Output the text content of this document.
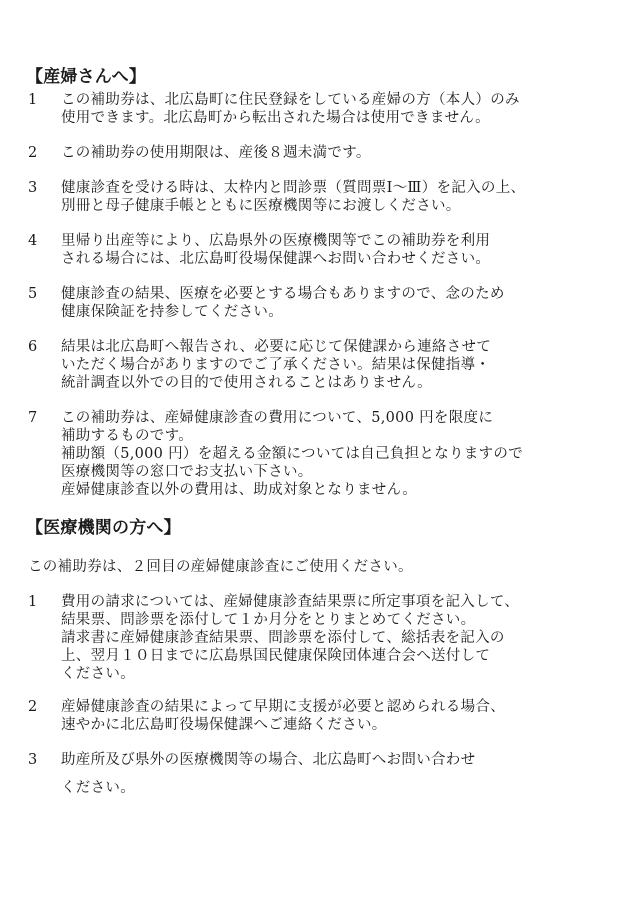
【産婦さんへ】
1 この補助券は、北広島町に住民登録をしている産婦の方（本人）のみ
使用できます。北広島町から転出された場合は使用できません。
2 この補助券の使用期限は、産後８週未満です。
3 健康診査を受ける時は、太枠内と問診票（質問票Ⅰ～Ⅲ）を記入の上、
別冊と母子健康手帳とともに医療機関等にお渡しください。
4 里帰り出産等により、広島県外の医療機関等でこの補助券を利用
される場合には、北広島町役場保健課へお問い合わせください。
5 健康診査の結果、医療を必要とする場合もありますので、念のため
健康保険証を持参してください。
6 結果は北広島町へ報告され、必要に応じて保健課から連絡させて
いただく場合がありますのでご了承ください。結果は保健指導・
統計調査以外での目的で使用されることはありません。
7 この補助券は、産婦健康診査の費用について、5,000 円を限度に
補助するものです。
補助額（5,000 円）を超える金額については自己負担となりますので
医療機関等の窓口でお支払い下さい。
産婦健康診査以外の費用は、助成対象となりません。
【医療機関の方へ】
この補助券は、２回目の産婦健康診査にご使用ください。
1 費用の請求については、産婦健康診査結果票に所定事項を記入して、
結果票、問診票を添付して１か月分をとりまとめてください。
請求書に産婦健康診査結果票、問診票を添付して、総括表を記入の
上、翌月１０日までに広島県国民健康保険団体連合会へ送付して
ください。
2 産婦健康診査の結果によって早期に支援が必要と認められる場合、
速やかに北広島町役場保健課へご連絡ください。
3 助産所及び県外の医療機関等の場合、北広島町へお問い合わせ
ください。
